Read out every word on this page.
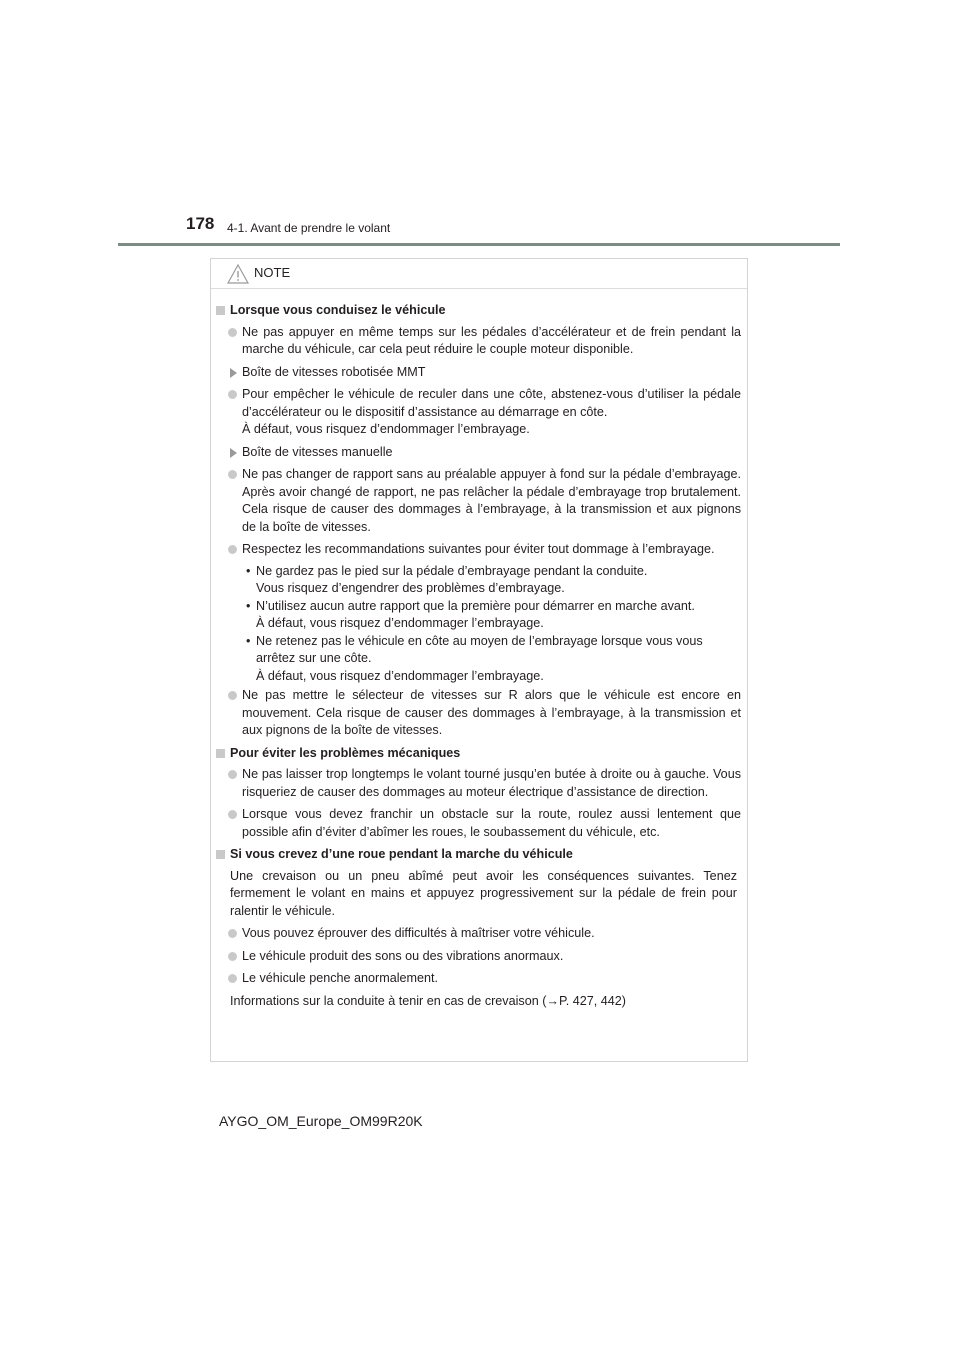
178 4-1. Avant de prendre le volant
NOTE
Lorsque vous conduisez le véhicule
Ne pas appuyer en même temps sur les pédales d’accélérateur et de frein pendant la marche du véhicule, car cela peut réduire le couple moteur disponible.
Boîte de vitesses robotisée MMT
Pour empêcher le véhicule de reculer dans une côte, abstenez-vous d’utiliser la pédale d’accélérateur ou le dispositif d’assistance au démarrage en côte.
À défaut, vous risquez d’endommager l’embrayage.
Boîte de vitesses manuelle
Ne pas changer de rapport sans au préalable appuyer à fond sur la pédale d’embrayage. Après avoir changé de rapport, ne pas relâcher la pédale d’embrayage trop brutalement. Cela risque de causer des dommages à l’embrayage, à la transmission et aux pignons de la boîte de vitesses.
Respectez les recommandations suivantes pour éviter tout dommage à l’embrayage.
• Ne gardez pas le pied sur la pédale d’embrayage pendant la conduite.
Vous risquez d’engendrer des problèmes d’embrayage.
• N’utilisez aucun autre rapport que la première pour démarrer en marche avant.
À défaut, vous risquez d’endommager l’embrayage.
• Ne retenez pas le véhicule en côte au moyen de l’embrayage lorsque vous vous arrêtez sur une côte.
À défaut, vous risquez d’endommager l’embrayage.
Ne pas mettre le sélecteur de vitesses sur R alors que le véhicule est encore en mouvement. Cela risque de causer des dommages à l’embrayage, à la transmission et aux pignons de la boîte de vitesses.
Pour éviter les problèmes mécaniques
Ne pas laisser trop longtemps le volant tourné jusqu’en butée à droite ou à gauche. Vous risqueriez de causer des dommages au moteur électrique d’assistance de direction.
Lorsque vous devez franchir un obstacle sur la route, roulez aussi lentement que possible afin d’éviter d’abîmer les roues, le soubassement du véhicule, etc.
Si vous crevez d’une roue pendant la marche du véhicule
Une crevaison ou un pneu abîmé peut avoir les conséquences suivantes. Tenez fermement le volant en mains et appuyez progressivement sur la pédale de frein pour ralentir le véhicule.
Vous pouvez éprouver des difficultés à maîtriser votre véhicule.
Le véhicule produit des sons ou des vibrations anormaux.
Le véhicule penche anormalement.
Informations sur la conduite à tenir en cas de crevaison (→P. 427, 442)
AYGO_OM_Europe_OM99R20K
